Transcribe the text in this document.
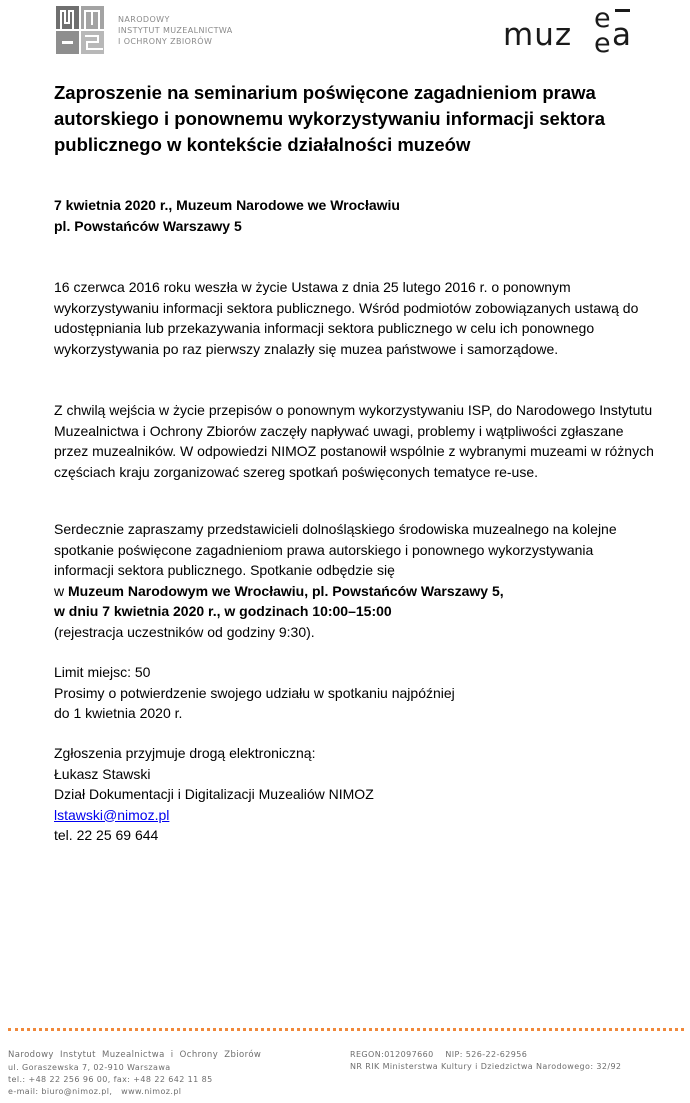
NARODOWY
INSTYTUT MUZEALNICTWA
I OCHRONY ZBIORÓW	muz e
e a
Zaproszenie na seminarium poświęcone zagadnieniom prawa autorskiego i ponownemu wykorzystywaniu informacji sektora publicznego w kontekście działalności muzeów
7 kwietnia 2020 r., Muzeum Narodowe we Wrocławiu
pl. Powstańców Warszawy 5

16 czerwca 2016 roku weszła w życie Ustawa z dnia 25 lutego 2016 r. o ponownym wykorzystywaniu informacji sektora publicznego. Wśród podmiotów zobowiązanych ustawą do udostępniania lub przekazywania informacji sektora publicznego w celu ich ponownego wykorzystywania po raz pierwszy znalazły się muzea państwowe i samorządowe.

Z chwilą wejścia w życie przepisów o ponownym wykorzystywaniu ISP, do Narodowego Instytutu Muzealnictwa i Ochrony Zbiorów zaczęły napływać uwagi, problemy i wątpliwości zgłaszane przez muzealników. W odpowiedzi NIMOZ postanowił wspólnie z wybranymi muzeami w różnych częściach kraju zorganizować szereg spotkań poświęconych tematyce re-use.

Serdecznie zapraszamy przedstawicieli dolnośląskiego środowiska muzealnego na kolejne spotkanie poświęcone zagadnieniom prawa autorskiego i ponownego wykorzystywania informacji sektora publicznego. Spotkanie odbędzie się
w Muzeum Narodowym we Wrocławiu, pl. Powstańców Warszawy 5,
w dniu 7 kwietnia 2020 r., w godzinach 10:00–15:00
(rejestracja uczestników od godziny 9:30).

Limit miejsc: 50
Prosimy o potwierdzenie swojego udziału w spotkaniu najpóźniej
do 1 kwietnia 2020 r.
Zgłoszenia przyjmuje drogą elektroniczną:
Łukasz Stawski
Dział Dokumentacji i Digitalizacji Muzealiów NIMOZ
lstawski@nimoz.pl
tel. 22 25 69 644
Narodowy Instytut Muzealnictwa i Ochrony Zbiorów
ul. Goraszewska 7, 02-910 Warszawa
tel.: +48 22 256 96 00, fax: +48 22 642 11 85
e-mail: biuro@nimoz.pl,   www.nimoz.pl
REGON:012097660    NIP: 526-22-62956
NR RIK Ministerstwa Kultury i Dziedzictwa Narodowego: 32/92
